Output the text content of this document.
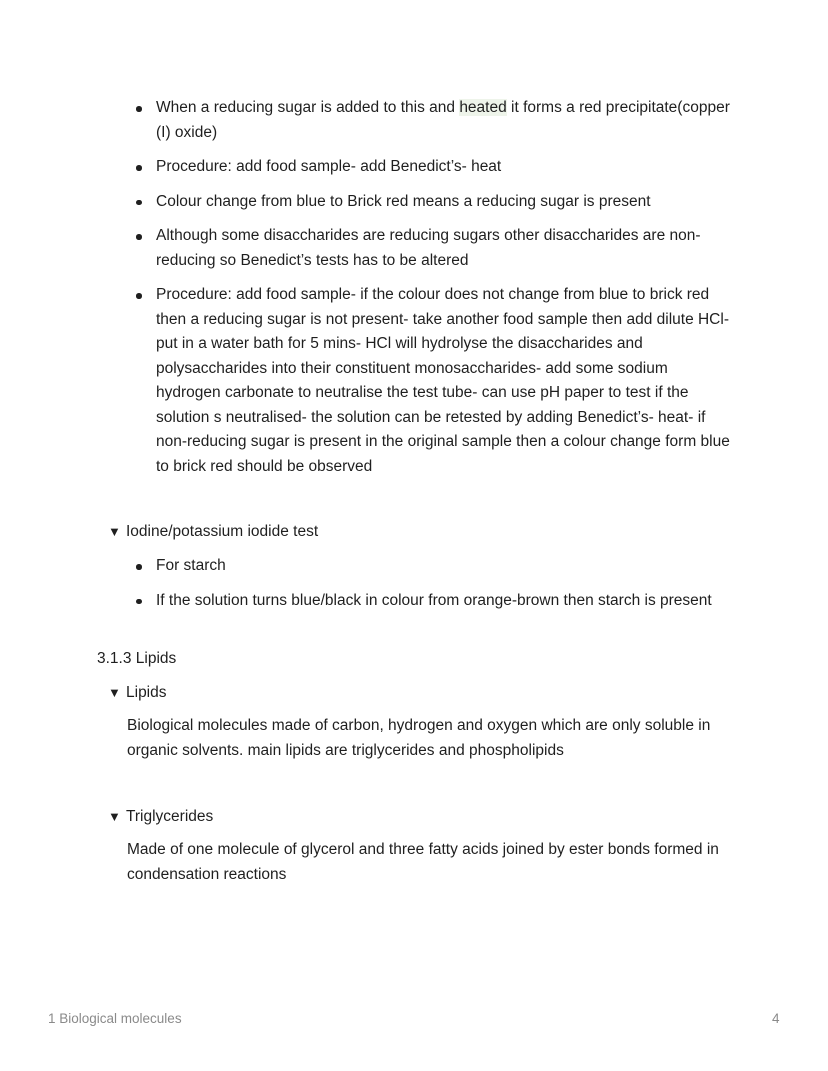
When a reducing sugar is added to this and heated it forms a red precipitate(copper (I) oxide)
Procedure: add food sample- add Benedict’s- heat
Colour change from blue to Brick red means a reducing sugar is present
Although some disaccharides are reducing sugars other disaccharides are non-reducing so Benedict’s tests has to be altered
Procedure: add food sample- if the colour does not change from blue to brick red then a reducing sugar is not present- take another food sample then add dilute HCl- put in a water bath for 5 mins- HCl will hydrolyse the disaccharides and polysaccharides into their constituent monosaccharides- add some sodium hydrogen carbonate to neutralise the test tube- can use pH paper to test if the solution s neutralised- the solution can be retested by adding Benedict’s- heat- if non-reducing sugar is present in the original sample then a colour change form blue to brick red should be observed
▼ Iodine/potassium iodide test
For starch
If the solution turns blue/black in colour from orange-brown then starch is present
3.1.3 Lipids
▼ Lipids
Biological molecules made of carbon, hydrogen and oxygen which are only soluble in organic solvents. main lipids are triglycerides and phospholipids
▼ Triglycerides
Made of one molecule of glycerol and three fatty acids joined by ester bonds formed in condensation reactions
1 Biological molecules	4
